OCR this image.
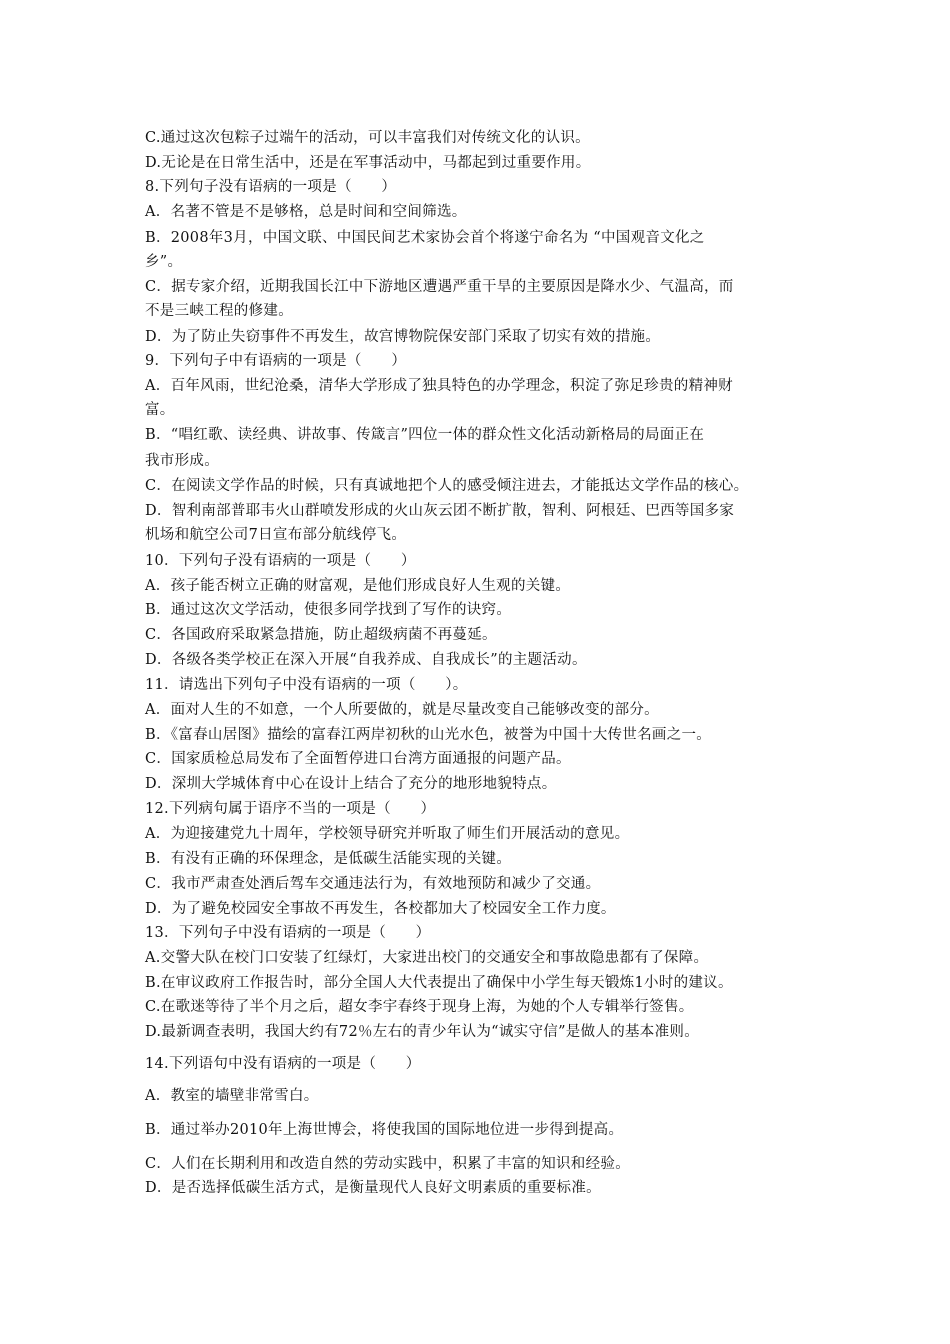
C.通过这次包粽子过端午的活动，可以丰富我们对传统文化的认识。
D.无论是在日常生活中，还是在军事活动中，马都起到过重要作用。
8.下列句子没有语病的一项是（　　）
A．名著不管是不是够格，总是时间和空间筛选。
B．2008年3月，中国文联、中国民间艺术家协会首个将遂宁命名为 “中国观音文化之
乡”。
C．据专家介绍，近期我国长江中下游地区遭遇严重干旱的主要原因是降水少、气温高，而
不是三峡工程的修建。
D．为了防止失窃事件不再发生，故宫博物院保安部门采取了切实有效的措施。
9．下列句子中有语病的一项是（　　）
A．百年风雨，世纪沧桑，清华大学形成了独具特色的办学理念，积淀了弥足珍贵的精神财
富。
B．“唱红歌、读经典、讲故事、传箴言”四位一体的群众性文化活动新格局的局面正在
我市形成。
C．在阅读文学作品的时候，只有真诚地把个人的感受倾注进去，才能抵达文学作品的核心。
D．智利南部普耶韦火山群喷发形成的火山灰云团不断扩散，智利、阿根廷、巴西等国多家
机场和航空公司7日宣布部分航线停飞。
10．下列句子没有语病的一项是（　　）
A．孩子能否树立正确的财富观，是他们形成良好人生观的关键。
B．通过这次文学活动，使很多同学找到了写作的诀窍。
C．各国政府采取紧急措施，防止超级病菌不再蔓延。
D．各级各类学校正在深入开展“自我养成、自我成长”的主题活动。
11．请选出下列句子中没有语病的一项（　　）。
A．面对人生的不如意，一个人所要做的，就是尽量改变自己能够改变的部分。
B．《富春山居图》描绘的富春江两岸初秋的山光水色，被誉为中国十大传世名画之一。
C．国家质检总局发布了全面暂停进口台湾方面通报的问题产品。
D．深圳大学城体育中心在设计上结合了充分的地形地貌特点。
12.下列病句属于语序不当的一项是（　　）
A．为迎接建党九十周年，学校领导研究并听取了师生们开展活动的意见。
B．有没有正确的环保理念，是低碳生活能实现的关键。
C．我市严肃查处酒后驾车交通违法行为，有效地预防和减少了交通。
D．为了避免校园安全事故不再发生，各校都加大了校园安全工作力度。
13．下列句子中没有语病的一项是（　　）
A.交警大队在校门口安装了红绿灯，大家进出校门的交通安全和事故隐患都有了保障。
B.在审议政府工作报告时，部分全国人大代表提出了确保中小学生每天锻炼1小时的建议。
C.在歌迷等待了半个月之后，超女李宇春终于现身上海，为她的个人专辑举行签售。
D.最新调查表明，我国大约有72％左右的青少年认为“诚实守信”是做人的基本准则。
14.下列语句中没有语病的一项是（　　）
A．教室的墙壁非常雪白。
B．通过举办2010年上海世博会，将使我国的国际地位进一步得到提高。
C．人们在长期利用和改造自然的劳动实践中，积累了丰富的知识和经验。
D．是否选择低碳生活方式，是衡量现代人良好文明素质的重要标准。
